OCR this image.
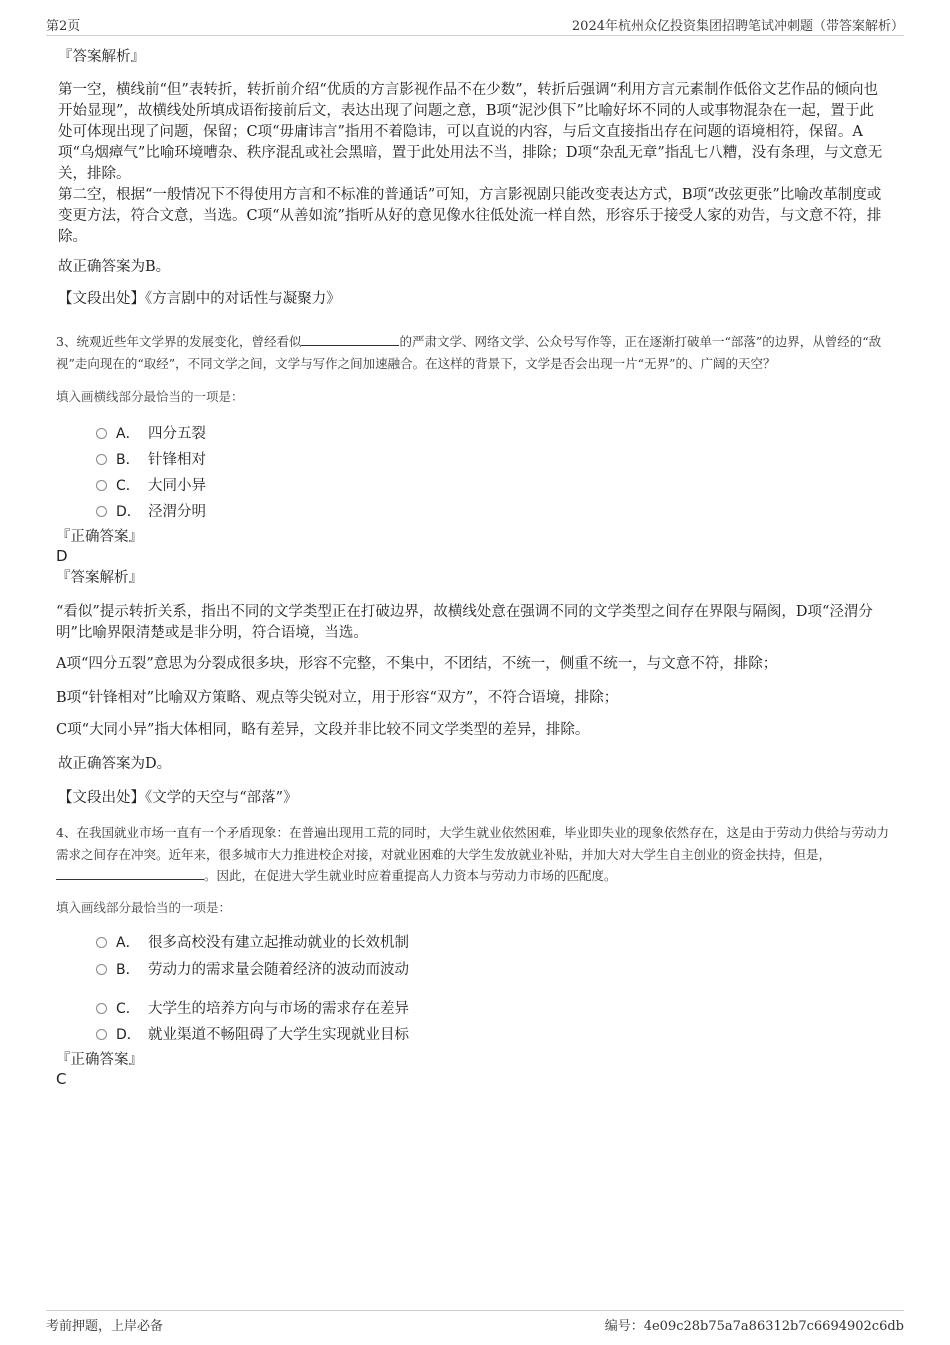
第2页	2024年杭州众亿投资集团招聘笔试冲刺题（带答案解析）
『答案解析』

第一空，横线前“但”表转折，转折前介绍“优质的方言影视作品不在少数”，转折后强调“利用方言元素制作低俗文艺作品的倾向也开始显现”，故横线处所填成语衔接前后文，表达出现了问题之意，B项“泥沙俱下”比喻好坏不同的人或事物混杂在一起，置于此处可体现出现了问题，保留；C项“毋庸讳言”指用不着隐讳，可以直说的内容，与后文直接指出存在问题的语境相符，保留。A项“乌烟瘴气”比喻环境嘈杂、秩序混乱或社会黑暗，置于此处用法不当，排除；D项“杂乱无章”指乱七八糟，没有条理，与文意无关，排除。

第二空，根据“一般情况下不得使用方言和不标准的普通话”可知，方言影视剧只能改变表达方式，B项“改弦更张”比喻改革制度或变更方法，符合文意，当选。C项“从善如流”指听从好的意见像水往低处流一样自然，形容乐于接受人家的劝告，与文意不符，排除。

故正确答案为B。
【文段出处】《方言剧中的对话性与凝聚力》

3、统观近些年文学界的发展变化，曾经看似	的严肃文学、网络文学、公众号写作等，正在逐渐打破单一“部落”的边界，从曾经的“敌视”走向现在的“取经”，不同文学之间，文学与写作之间加速融合。在这样的背景下，文学是否会出现一片“无界”的、广阔的天空？

填入画横线部分最恰当的一项是：
A． 四分五裂
B． 针锋相对
C． 大同小异
D． 泾渭分明
『正确答案』
D
『答案解析』

“看似”提示转折关系，指出不同的文学类型正在打破边界，故横线处意在强调不同的文学类型之间存在界限与隔阂，D项“泾渭分明”比喻界限清楚或是非分明，符合语境，当选。

A项“四分五裂”意思为分裂成很多块，形容不完整，不集中，不团结，不统一，侧重不统一，与文意不符，排除；

B项“针锋相对”比喻双方策略、观点等尖锐对立，用于形容“双方”，不符合语境，排除；

C项“大同小异”指大体相同，略有差异，文段并非比较不同文学类型的差异，排除。

故正确答案为D。
【文段出处】《文学的天空与“部落”》

4、在我国就业市场一直有一个矛盾现象：在普遍出现用工荒的同时，大学生就业依然困难，毕业即失业的现象依然存在，这是由于劳动力供给与劳动力需求之间存在冲突。近年来，很多城市大力推进校企对接，对就业困难的大学生发放就业补贴，并加大对大学生自主创业的资金扶持，但是，。因此，在促进大学生就业时应着重提高人力资本与劳动力市场的匹配度。

填入画线部分最恰当的一项是：
A． 很多高校没有建立起推动就业的长效机制
B． 劳动力的需求量会随着经济的波动而波动
C． 大学生的培养方向与市场的需求存在差异
D． 就业渠道不畅阻碍了大学生实现就业目标
『正确答案』
C
考前押题，上岸必备	编号：4e09c28b75a7a86312b7c6694902c6db
